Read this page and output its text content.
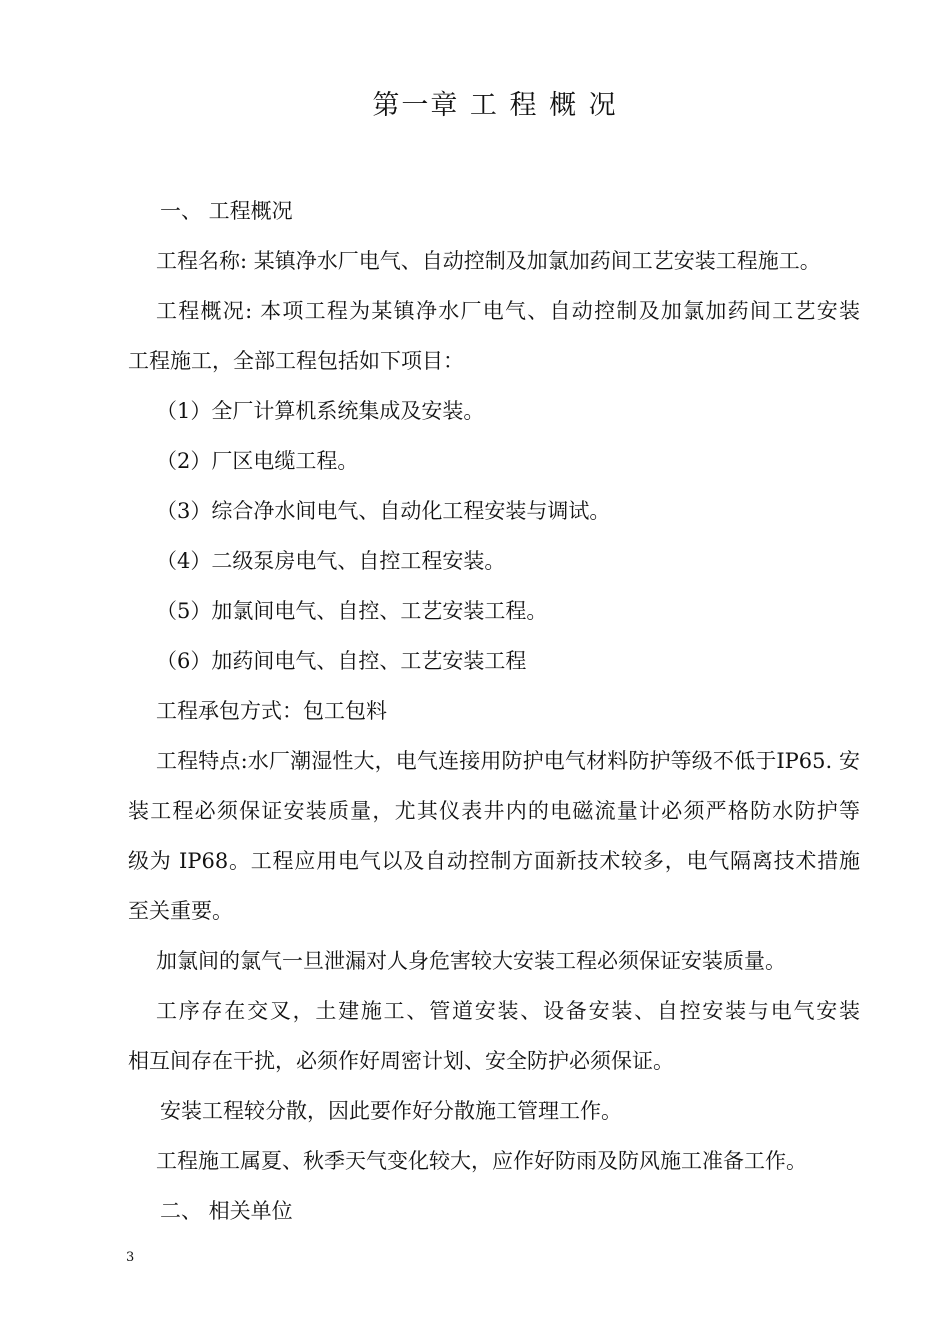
第一章 工 程 概 况
一、 工程概况
工程名称: 某镇净水厂电气、自动控制及加氯加药间工艺安装工程施工。
工程概况: 本项工程为某镇净水厂电气、自动控制及加氯加药间工艺安装
工程施工，全部工程包括如下项目：
（1）全厂计算机系统集成及安装。
（2）厂区电缆工程。
（3）综合净水间电气、自动化工程安装与调试。
（4）二级泵房电气、自控工程安装。
（5）加氯间电气、自控、工艺安装工程。
（6）加药间电气、自控、工艺安装工程
工程承包方式：包工包料
工程特点:水厂潮湿性大，电气连接用防护电气材料防护等级不低于IP65. 安
装工程必须保证安装质量，尤其仪表井内的电磁流量计必须严格防水防护等
级为 IP68。工程应用电气以及自动控制方面新技术较多，电气隔离技术措施
至关重要。
加氯间的氯气一旦泄漏对人身危害较大安装工程必须保证安装质量。
工序存在交叉，土建施工、管道安装、设备安装、自控安装与电气安装
相互间存在干扰，必须作好周密计划、安全防护必须保证。
安装工程较分散，因此要作好分散施工管理工作。
工程施工属夏、秋季天气变化较大，应作好防雨及防风施工准备工作。
二、 相关单位
3
